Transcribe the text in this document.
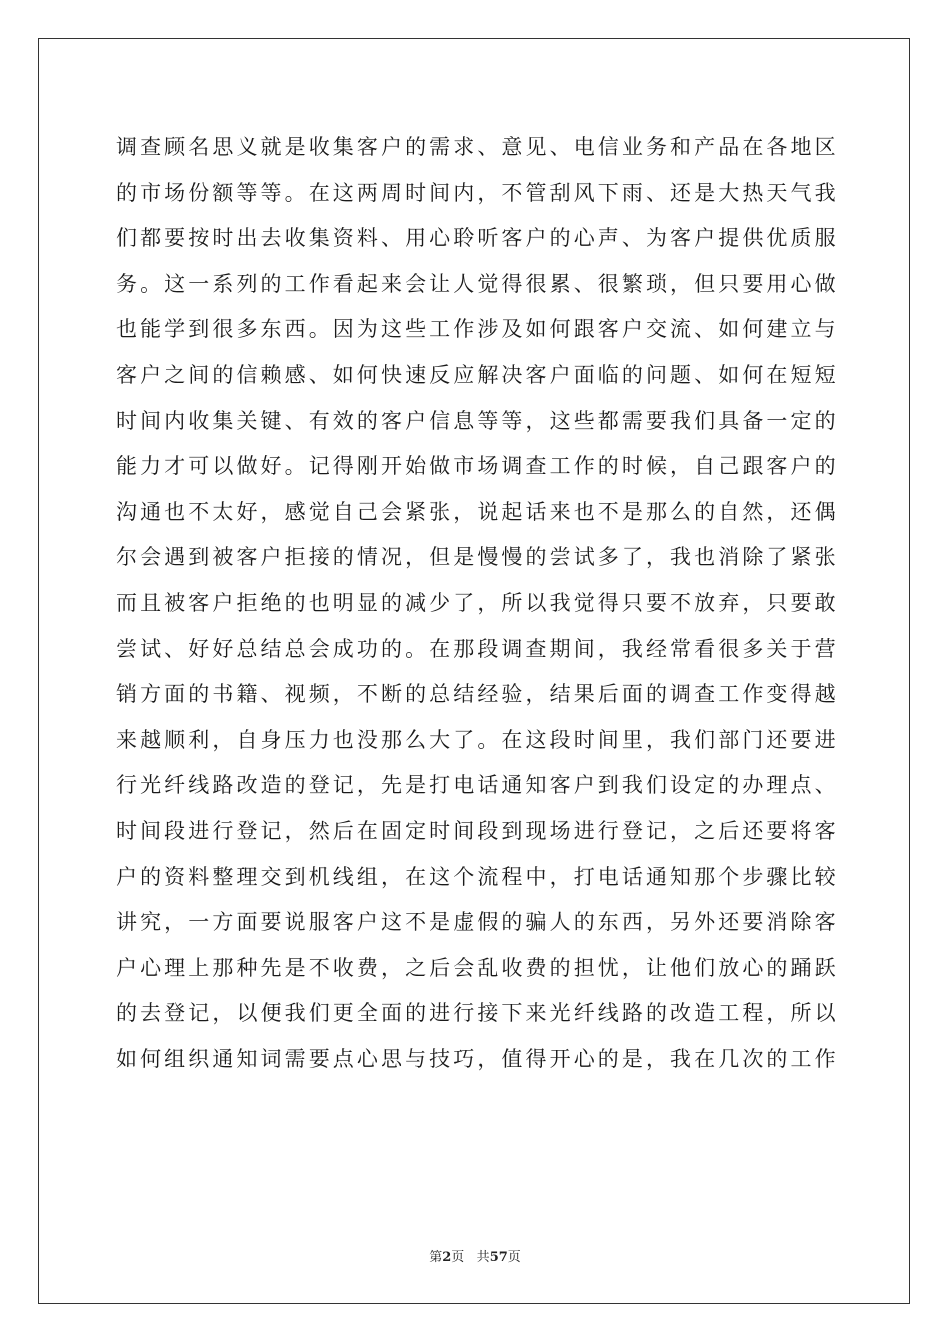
调查顾名思义就是收集客户的需求、意见、电信业务和产品在各地区
的市场份额等等。在这两周时间内，不管刮风下雨、还是大热天气我
们都要按时出去收集资料、用心聆听客户的心声、为客户提供优质服
务。这一系列的工作看起来会让人觉得很累、很繁琐，但只要用心做
也能学到很多东西。因为这些工作涉及如何跟客户交流、如何建立与
客户之间的信赖感、如何快速反应解决客户面临的问题、如何在短短
时间内收集关键、有效的客户信息等等，这些都需要我们具备一定的
能力才可以做好。记得刚开始做市场调查工作的时候，自己跟客户的
沟通也不太好，感觉自己会紧张，说起话来也不是那么的自然，还偶
尔会遇到被客户拒接的情况，但是慢慢的尝试多了，我也消除了紧张
而且被客户拒绝的也明显的减少了，所以我觉得只要不放弃，只要敢
尝试、好好总结总会成功的。在那段调查期间，我经常看很多关于营
销方面的书籍、视频，不断的总结经验，结果后面的调查工作变得越
来越顺利，自身压力也没那么大了。在这段时间里，我们部门还要进
行光纤线路改造的登记，先是打电话通知客户到我们设定的办理点、
时间段进行登记，然后在固定时间段到现场进行登记，之后还要将客
户的资料整理交到机线组，在这个流程中，打电话通知那个步骤比较
讲究，一方面要说服客户这不是虚假的骗人的东西，另外还要消除客
户心理上那种先是不收费，之后会乱收费的担忧，让他们放心的踊跃
的去登记，以便我们更全面的进行接下来光纤线路的改造工程，所以
如何组织通知词需要点心思与技巧，值得开心的是，我在几次的工作
第2页 共57页
